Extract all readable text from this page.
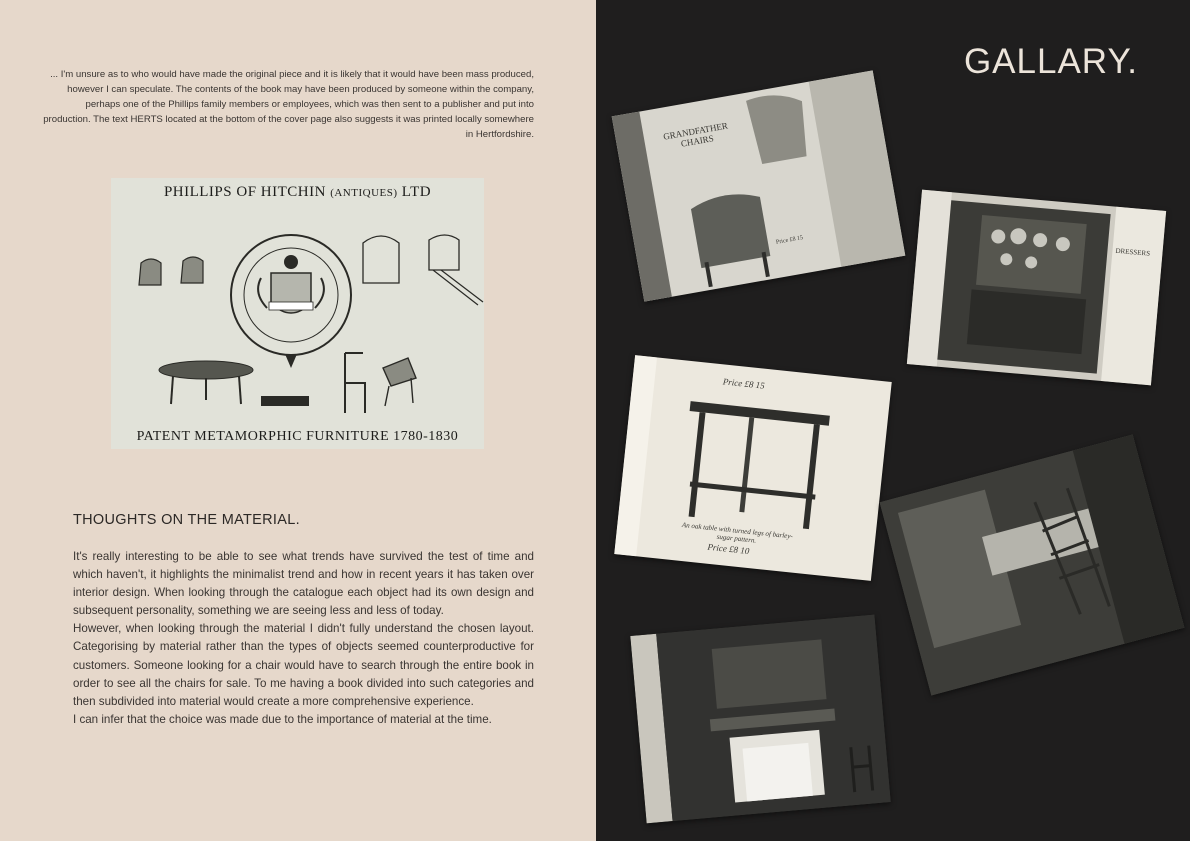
... I'm unsure as to who would have made the original piece and it is likely that it would have been mass produced, however I can speculate. The contents of the book may have been produced by someone within the company, perhaps one of the Phillips family members or employees, which was then sent to a publisher and put into production. The text HERTS located at the bottom of the cover page also suggests it was printed locally somewhere in Hertfordshire.
PHILLIPS OF HITCHIN (ANTIQUES) LTD
PATENT METAMORPHIC FURNITURE 1780-1830
THOUGHTS ON THE MATERIAL.

It's really interesting to be able to see what trends have survived the test of time and which haven't, it highlights the minimalist trend and how in recent years it has taken over interior design. When looking through the catalogue each object had its own design and subsequent personality, something we are seeing less and less of today.

However, when looking through the material I didn't fully understand the chosen layout. Categorising by material rather than the types of objects seemed counterproductive for customers. Someone looking for a chair would have to search through the entire book in order to see all the chairs for sale. To me having a book divided into such categories and then subdivided into material would create a more comprehensive experience.

I can infer that the choice was made due to the importance of material at the time.

GALLARY.
GRANDFATHER CHAIRS
Price £8 15
DRESSERS
Price £8 15
An oak table with turned legs of barley-sugar pattern.
Price £8 10
